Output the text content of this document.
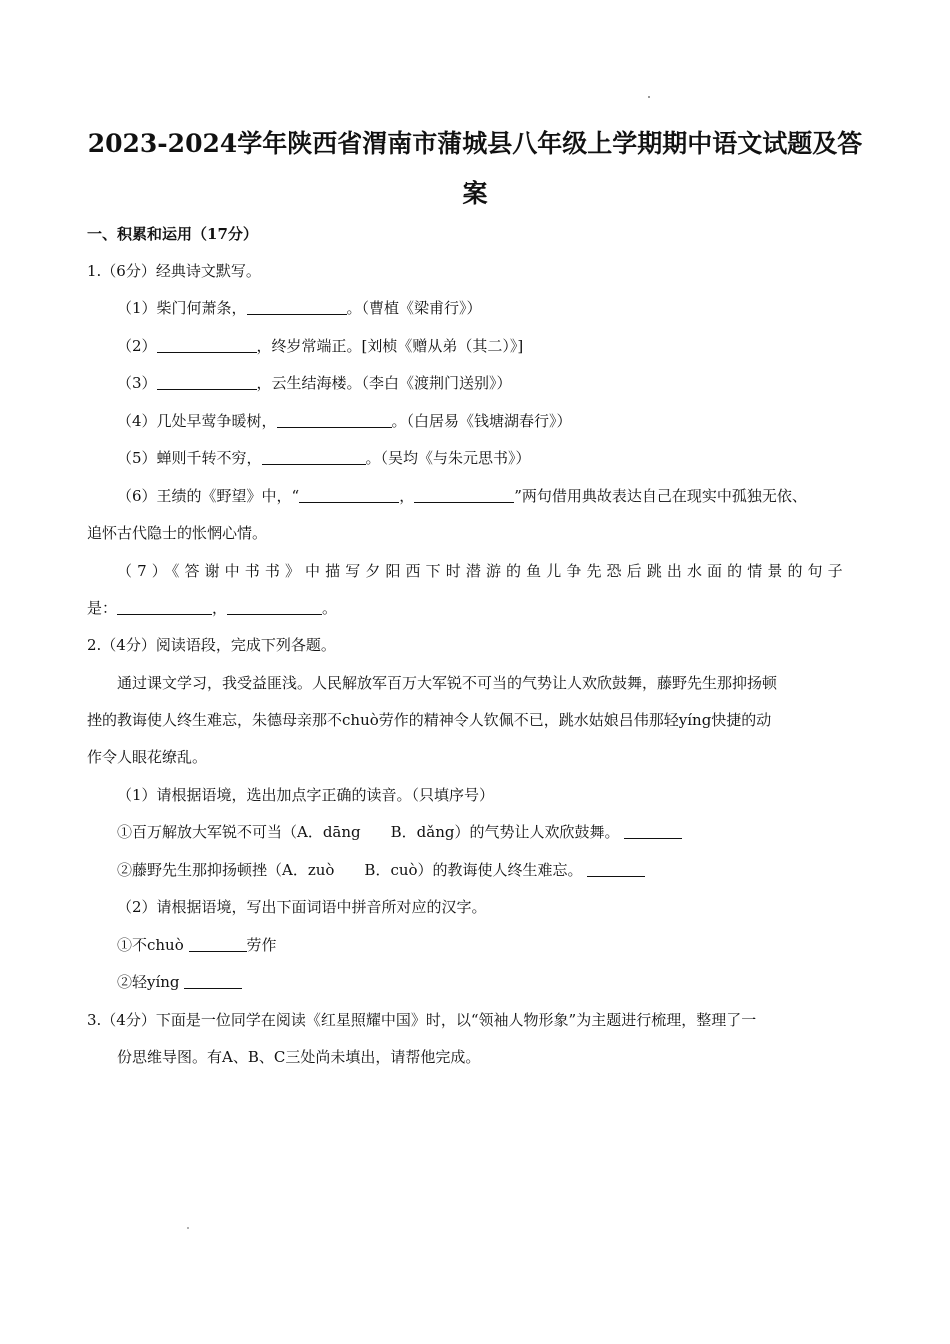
2023-2024学年陕西省渭南市蒲城县八年级上学期期中语文试题及答
案
一、积累和运用（17分）
1.（6分）经典诗文默写。
（1）柴门何萧条，	。（曹植《梁甫行》）
（2）	，终岁常端正。[刘桢《赠从弟（其二）》]
（3）	，云生结海楼。（李白《渡荆门送别》）
（4）几处早莺争暖树，	。（白居易《钱塘湖春行》）
（5）蝉则千转不穷，	。（吴均《与朱元思书》）
（6）王绩的《野望》中，“	，	”两句借用典故表达自己在现实中孤独无依、
追怀古代隐士的怅惘心情。
（7）《答谢中书书》中描写夕阳西下时潜游的鱼儿争先恐后跳出水面的情景的句子
是：	，	。
2.（4分）阅读语段，完成下列各题。
通过课文学习，我受益匪浅。人民解放军百万大军锐不可当的气势让人欢欣鼓舞，藤野先生那抑扬顿
挫的教诲使人终生难忘，朱德母亲那不chuò劳作的精神令人钦佩不已，跳水姑娘吕伟那轻yíng快捷的动
作令人眼花缭乱。
（1）请根据语境，选出加点字正确的读音。（只填序号）
①百万解放大军锐不可当（A．dāng　　B．dǎng）的气势让人欢欣鼓舞。
②藤野先生那抑扬顿挫（A．zuò　　B．cuò）的教诲使人终生难忘。
（2）请根据语境，写出下面词语中拼音所对应的汉字。
①不chuò	劳作
②轻yíng
3.（4分）下面是一位同学在阅读《红星照耀中国》时，以“领袖人物形象”为主题进行梳理，整理了一
份思维导图。有A、B、C三处尚未填出，请帮他完成。
